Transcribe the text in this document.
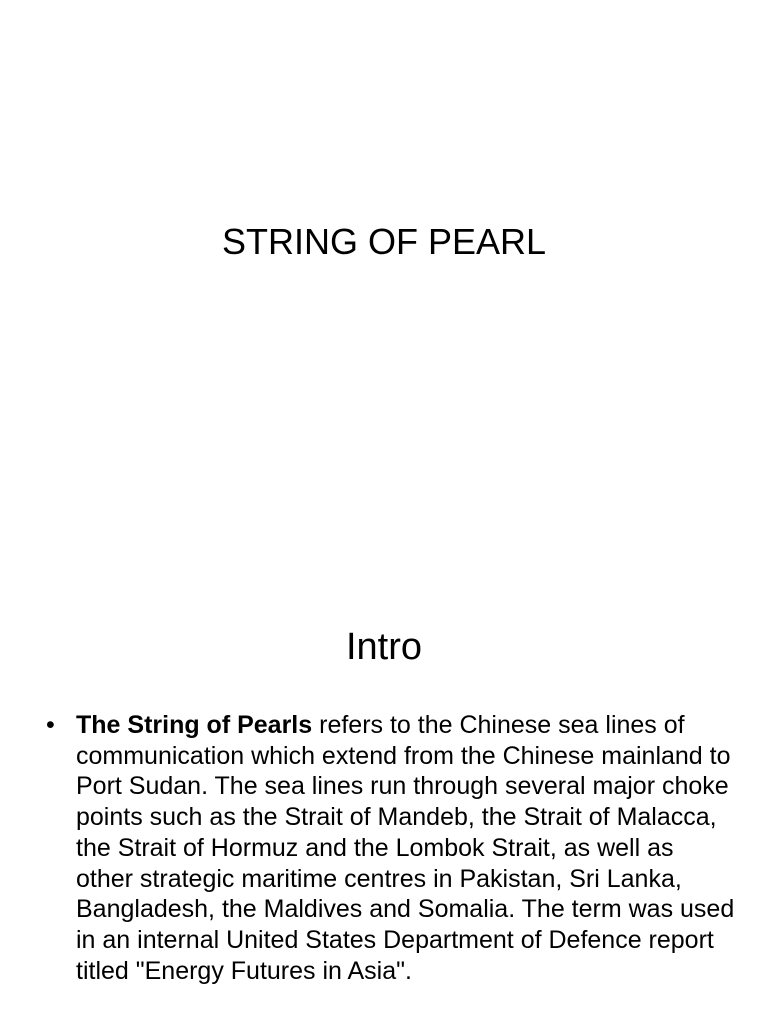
STRING OF PEARL
Intro
• The String of Pearls refers to the Chinese sea lines of communication which extend from the Chinese mainland to Port Sudan. The sea lines run through several major choke points such as the Strait of Mandeb, the Strait of Malacca, the Strait of Hormuz and the Lombok Strait, as well as other strategic maritime centres in Pakistan, Sri Lanka, Bangladesh, the Maldives and Somalia. The term was used in an internal United States Department of Defence report titled "Energy Futures in Asia".
